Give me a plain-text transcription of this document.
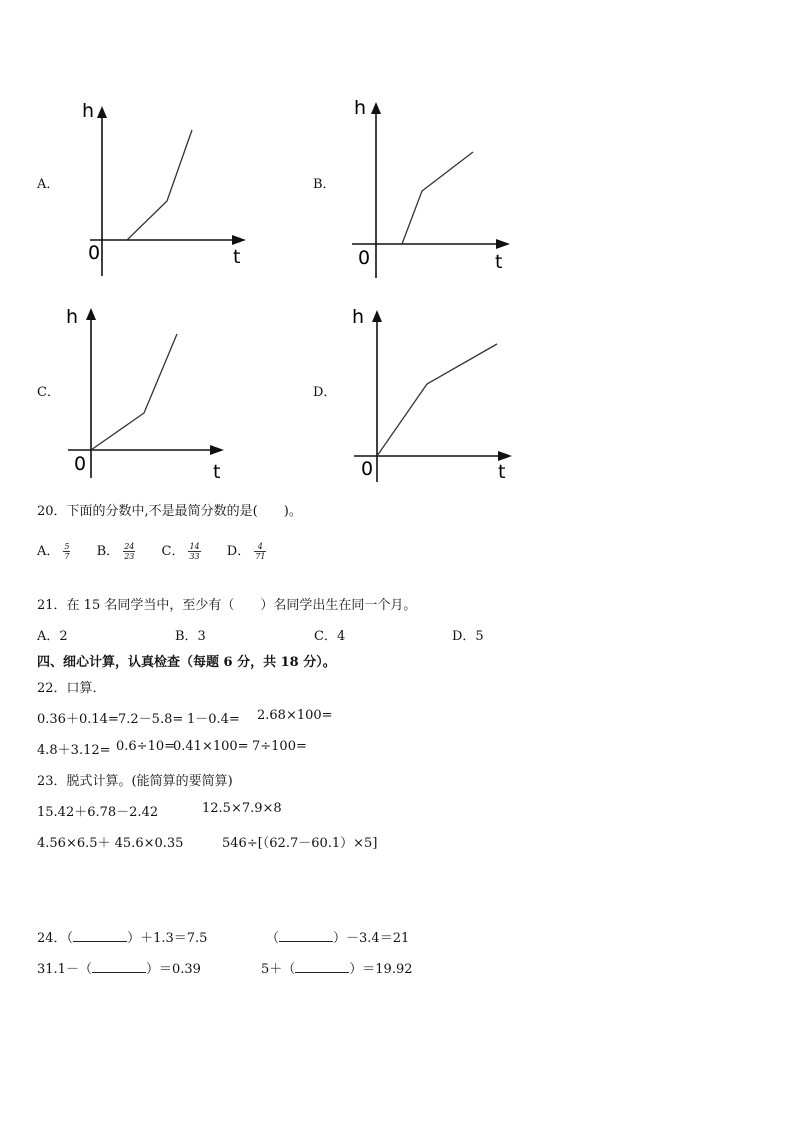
A．	B．
C．	D．
h
0	t
h
0	t
h
0	t
h
0	t
20．下面的分数中,不是最简分数的是(　　)。
A． $\frac{5}{7}$ B． $\frac{24}{23}$ C． $\frac{14}{33}$ D． $\frac{4}{71}$
21．在 15 名同学当中，至少有（　　）名同学出生在同一个月。
A．2	B．3	C．4	D．5
四、细心计算，认真检查（每题 6 分，共 18 分）。
22．口算．
0.36＋0.14= 7.2－5.8= 1－0.4= 2.68×100=
4.8＋3.12= 0.6÷10=
0.41×100= 7÷100=
23．脱式计算。(能简算的要简算)
15.42＋6.78－2.42	12.5×7.9×8
4.56×6.5＋ 45.6×0.35	546÷[（62.7－60.1）×5]
24．（	）＋1.3＝7.5	（	）－3.4＝21
31.1－（	）＝0.39	5＋（	）＝19.92
